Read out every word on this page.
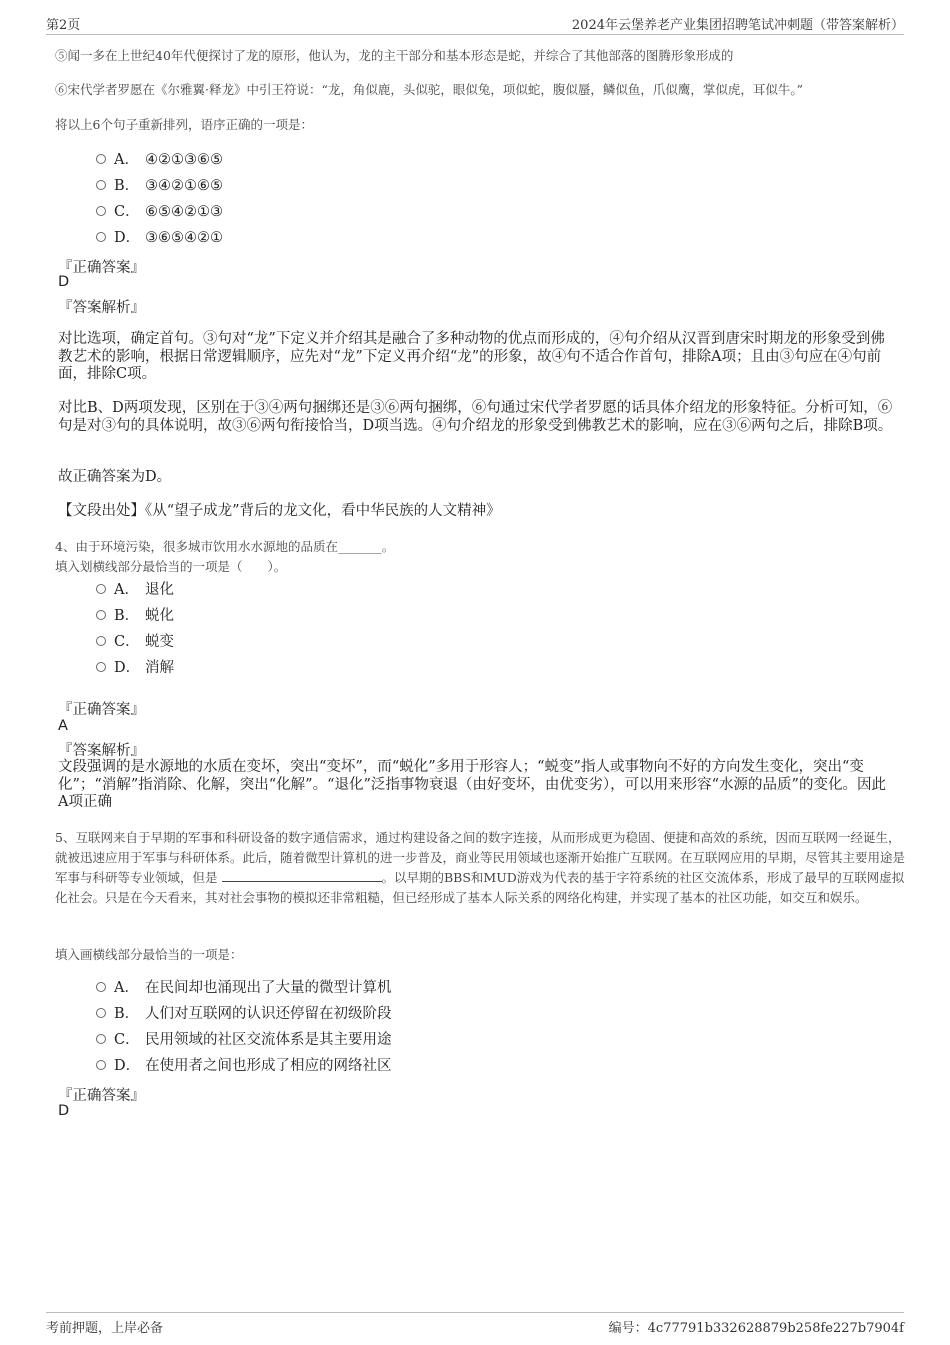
第2页	2024年云堡养老产业集团招聘笔试冲刺题（带答案解析）
⑤闻一多在上世纪40年代便探讨了龙的原形，他认为，龙的主干部分和基本形态是蛇，并综合了其他部落的图腾形象形成的
⑥宋代学者罗愿在《尔雅翼·释龙》中引王符说：“龙，角似鹿，头似驼，眼似兔，项似蛇，腹似蜃，鳞似鱼，爪似鹰，掌似虎，耳似牛。”
将以上6个句子重新排列，语序正确的一项是：
A． ④②①③⑥⑤
B． ③④②①⑥⑤
C． ⑥⑤④②①③
D． ③⑥⑤④②①
『正确答案』
D
『答案解析』
对比选项，确定首句。③句对“龙”下定义并介绍其是融合了多种动物的优点而形成的，④句介绍从汉晋到唐宋时期龙的形象受到佛教艺术的影响，根据日常逻辑顺序，应先对“龙”下定义再介绍“龙”的形象，故④句不适合作首句，排除A项；且由③句应在④句前面，排除C项。
对比B、D两项发现，区别在于③④两句捆绑还是③⑥两句捆绑，⑥句通过宋代学者罗愿的话具体介绍龙的形象特征。分析可知，⑥句是对③句的具体说明，故③⑥两句衔接恰当，D项当选。④句介绍龙的形象受到佛教艺术的影响，应在③⑥两句之后，排除B项。
故正确答案为D。
【文段出处】《从“望子成龙”背后的龙文化，看中华民族的人文精神》
4、由于环境污染，很多城市饮用水水源地的品质在_______。
填入划横线部分最恰当的一项是（　　）。
A． 退化
B． 蜕化
C． 蜕变
D． 消解
『正确答案』
A
『答案解析』
文段强调的是水源地的水质在变坏，突出“变坏”，而“蜕化”多用于形容人；“蜕变”指人或事物向不好的方向发生变化，突出“变化”；“消解”指消除、化解，突出“化解”。“退化”泛指事物衰退（由好变坏，由优变劣），可以用来形容“水源的品质”的变化。因此A项正确
5、互联网来自于早期的军事和科研设备的数字通信需求，通过构建设备之间的数字连接，从而形成更为稳固、便捷和高效的系统，因而互联网一经诞生，就被迅速应用于军事与科研体系。此后，随着微型计算机的进一步普及，商业等民用领域也逐渐开始推广互联网。在互联网应用的早期，尽管其主要用途是军事与科研等专业领域，但是	。以早期的BBS和MUD游戏为代表的基于字符系统的社区交流体系，形成了最早的互联网虚拟化社会。只是在今天看来，其对社会事物的模拟还非常粗糙，但已经形成了基本人际关系的网络化构建，并实现了基本的社区功能，如交互和娱乐。
填入画横线部分最恰当的一项是：
A． 在民间却也涌现出了大量的微型计算机
B． 人们对互联网的认识还停留在初级阶段
C． 民用领域的社区交流体系是其主要用途
D． 在使用者之间也形成了相应的网络社区
『正确答案』
D
考前押题，上岸必备	编号：4c77791b332628879b258fe227b7904f
